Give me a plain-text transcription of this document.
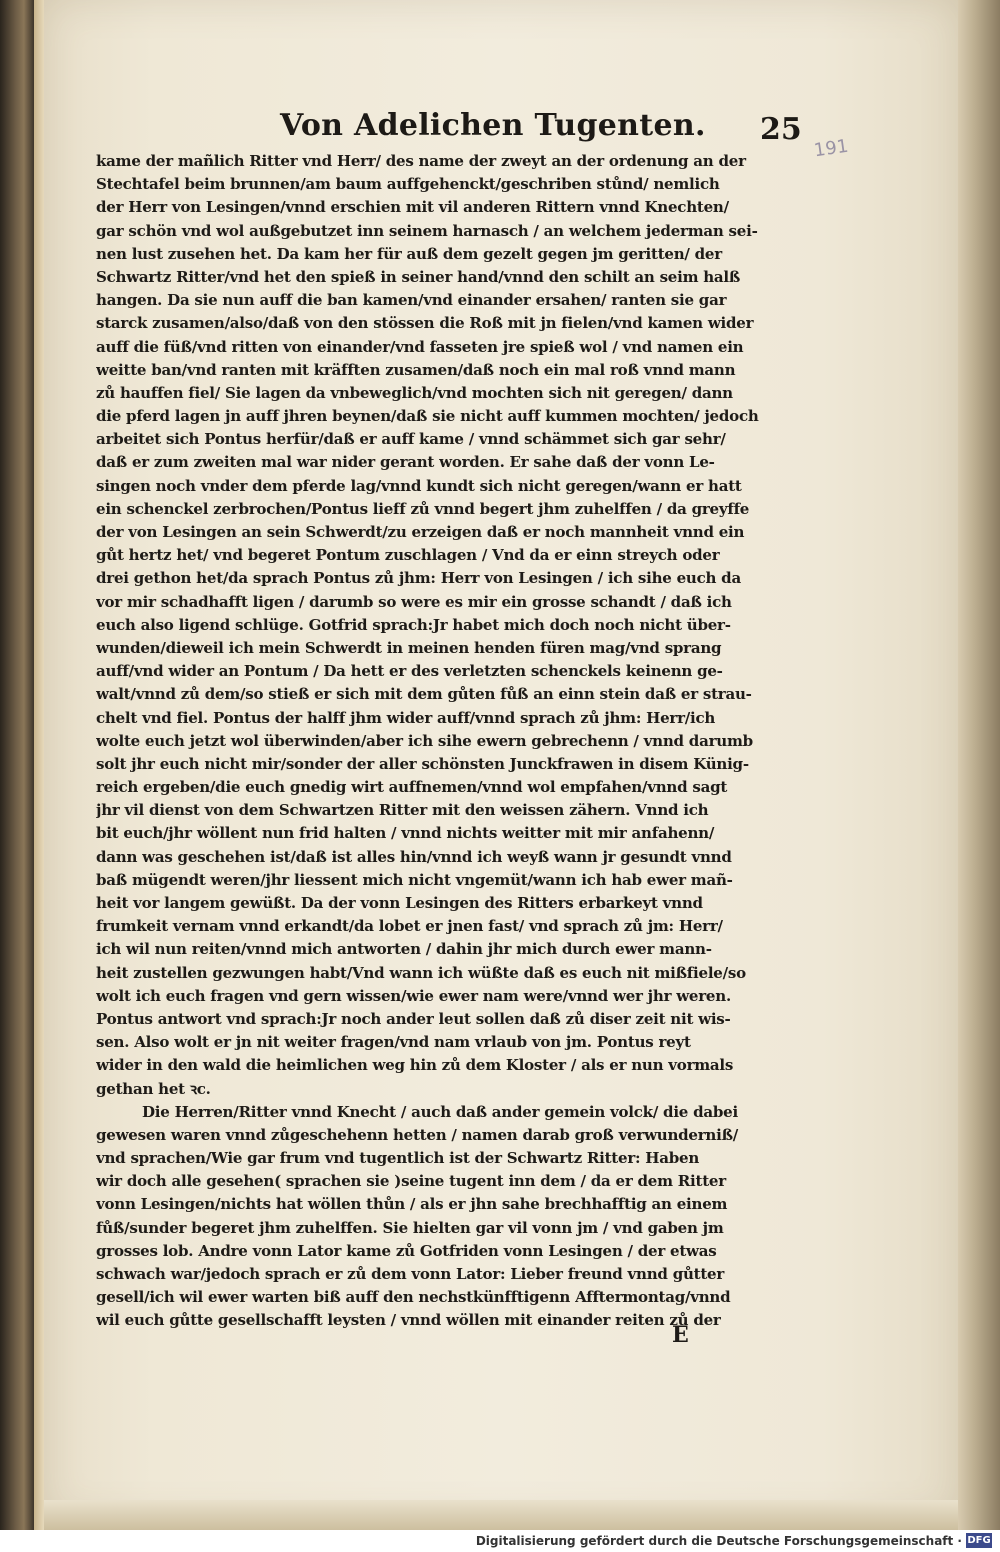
Von Adelichen Tugenten. 25
191
kame der mañlich Ritter vnd Herr/ des name der zweyt an der ordenung an der
Stechtafel beim brunnen/am baum auffgehenckt/geschriben stůnd/ nemlich
der Herr von Lesingen/vnnd erschien mit vil anderen Rittern vnnd Knechten/
gar schön vnd wol außgebutzet inn seinem harnasch / an welchem jederman sei-
nen lust zusehen het. Da kam her für auß dem gezelt gegen jm geritten/ der
Schwartz Ritter/vnd het den spieß in seiner hand/vnnd den schilt an seim halß
hangen. Da sie nun auff die ban kamen/vnd einander ersahen/ ranten sie gar
starck zusamen/also/daß von den stössen die Roß mit jn fielen/vnd kamen wider
auff die füß/vnd ritten von einander/vnd fasseten jre spieß wol / vnd namen ein
weitte ban/vnd ranten mit kräfften zusamen/daß noch ein mal roß vnnd mann
zů hauffen fiel/ Sie lagen da vnbeweglich/vnd mochten sich nit geregen/ dann
die pferd lagen jn auff jhren beynen/daß sie nicht auff kummen mochten/ jedoch
arbeitet sich Pontus herfür/daß er auff kame / vnnd schämmet sich gar sehr/
daß er zum zweiten mal war nider gerant worden. Er sahe daß der vonn Le-
singen noch vnder dem pferde lag/vnnd kundt sich nicht geregen/wann er hatt
ein schenckel zerbrochen/Pontus lieff zů vnnd begert jhm zuhelffen / da greyffe
der von Lesingen an sein Schwerdt/zu erzeigen daß er noch mannheit vnnd ein
gůt hertz het/ vnd begeret Pontum zuschlagen / Vnd da er einn streych oder
drei gethon het/da sprach Pontus zů jhm: Herr von Lesingen / ich sihe euch da
vor mir schadhafft ligen / darumb so were es mir ein grosse schandt / daß ich
euch also ligend schlüge. Gotfrid sprach:Jr habet mich doch noch nicht über-
wunden/dieweil ich mein Schwerdt in meinen henden füren mag/vnd sprang
auff/vnd wider an Pontum / Da hett er des verletzten schenckels keinenn ge-
walt/vnnd zů dem/so stieß er sich mit dem gůten fůß an einn stein daß er strau-
chelt vnd fiel. Pontus der halff jhm wider auff/vnnd sprach zů jhm: Herr/ich
wolte euch jetzt wol überwinden/aber ich sihe ewern gebrechenn / vnnd darumb
solt jhr euch nicht mir/sonder der aller schönsten Junckfrawen in disem Künig-
reich ergeben/die euch gnedig wirt auffnemen/vnnd wol empfahen/vnnd sagt
jhr vil dienst von dem Schwartzen Ritter mit den weissen zähern. Vnnd ich
bit euch/jhr wöllent nun frid halten / vnnd nichts weitter mit mir anfahenn/
dann was geschehen ist/daß ist alles hin/vnnd ich weyß wann jr gesundt vnnd
baß mügendt weren/jhr liessent mich nicht vngemüt/wann ich hab ewer mañ-
heit vor langem gewüßt. Da der vonn Lesingen des Ritters erbarkeyt vnnd
frumkeit vernam vnnd erkandt/da lobet er jnen fast/ vnd sprach zů jm: Herr/
ich wil nun reiten/vnnd mich antworten / dahin jhr mich durch ewer mann-
heit zustellen gezwungen habt/Vnd wann ich wüßte daß es euch nit mißfiele/so
wolt ich euch fragen vnd gern wissen/wie ewer nam were/vnnd wer jhr weren.
Pontus antwort vnd sprach:Jr noch ander leut sollen daß zů diser zeit nit wis-
sen. Also wolt er jn nit weiter fragen/vnd nam vrlaub von jm. Pontus reyt
wider in den wald die heimlichen weg hin zů dem Kloster / als er nun vormals
gethan het ꝛc.
Die Herren/Ritter vnnd Knecht / auch daß ander gemein volck/ die dabei
gewesen waren vnnd zůgeschehenn hetten / namen darab groß verwunderniß/
vnd sprachen/Wie gar frum vnd tugentlich ist der Schwartz Ritter: Haben
wir doch alle gesehen( sprachen sie )seine tugent inn dem / da er dem Ritter
vonn Lesingen/nichts hat wöllen thůn / als er jhn sahe brechhafftig an einem
fůß/sunder begeret jhm zuhelffen. Sie hielten gar vil vonn jm / vnd gaben jm
grosses lob. Andre vonn Lator kame zů Gotfriden vonn Lesingen / der etwas
schwach war/jedoch sprach er zů dem vonn Lator: Lieber freund vnnd gůtter
gesell/ich wil ewer warten biß auff den nechstkünfftigenn Afftermontag/vnnd
wil euch gůtte gesellschafft leysten / vnnd wöllen mit einander reiten zů der
E
Digitalisierung gefördert durch die Deutsche Forschungsgemeinschaft · DFG
